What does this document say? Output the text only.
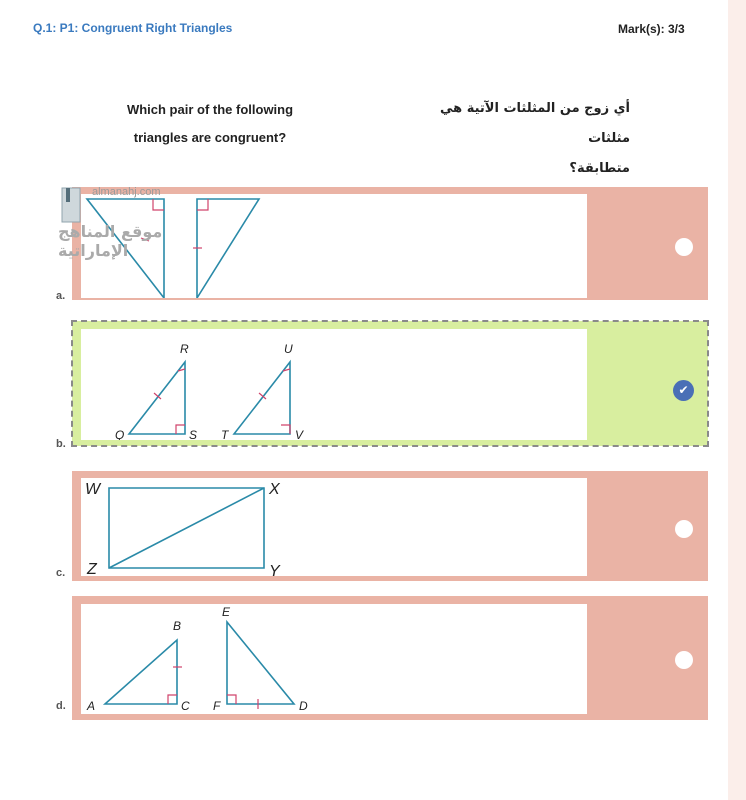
Q.1: P1: Congruent Right Triangles	Mark(s): 3/3
Which pair of the following
triangles are congruent?
أي زوج من المثلثات الآتية هي مثلثات
متطابقة؟
a.
R
Q	S
U
T	V
b.
✔
W	X
Z	Y
c.
B
A	C
E
F	D
d.
almanahj.com
موقع المناهج الإماراتية
